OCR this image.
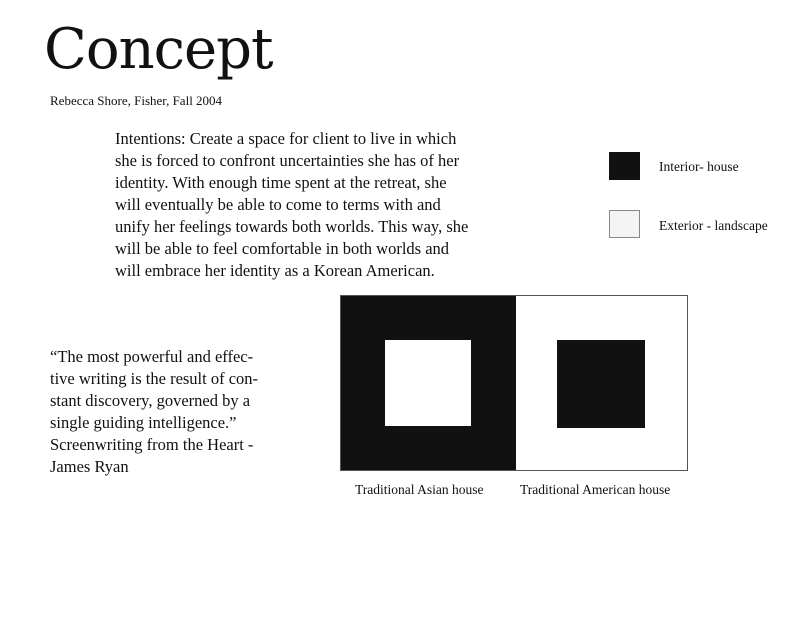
Concept
Rebecca Shore, Fisher, Fall 2004
Intentions: Create a space for client to live in which
she is forced to confront uncertainties she has of her
identity. With enough time spent at the retreat, she
will eventually be able to come to terms with and
unify her feelings towards both worlds. This way, she
will be able to feel comfortable in both worlds and
will embrace her identity as a Korean American.
Interior- house
Exterior - landscape
“The most powerful and effec-
tive writing is the result of con-
stant discovery, governed by a
single guiding intelligence.”
Screenwriting from the Heart -
James Ryan
Traditional Asian house	Traditional American house
